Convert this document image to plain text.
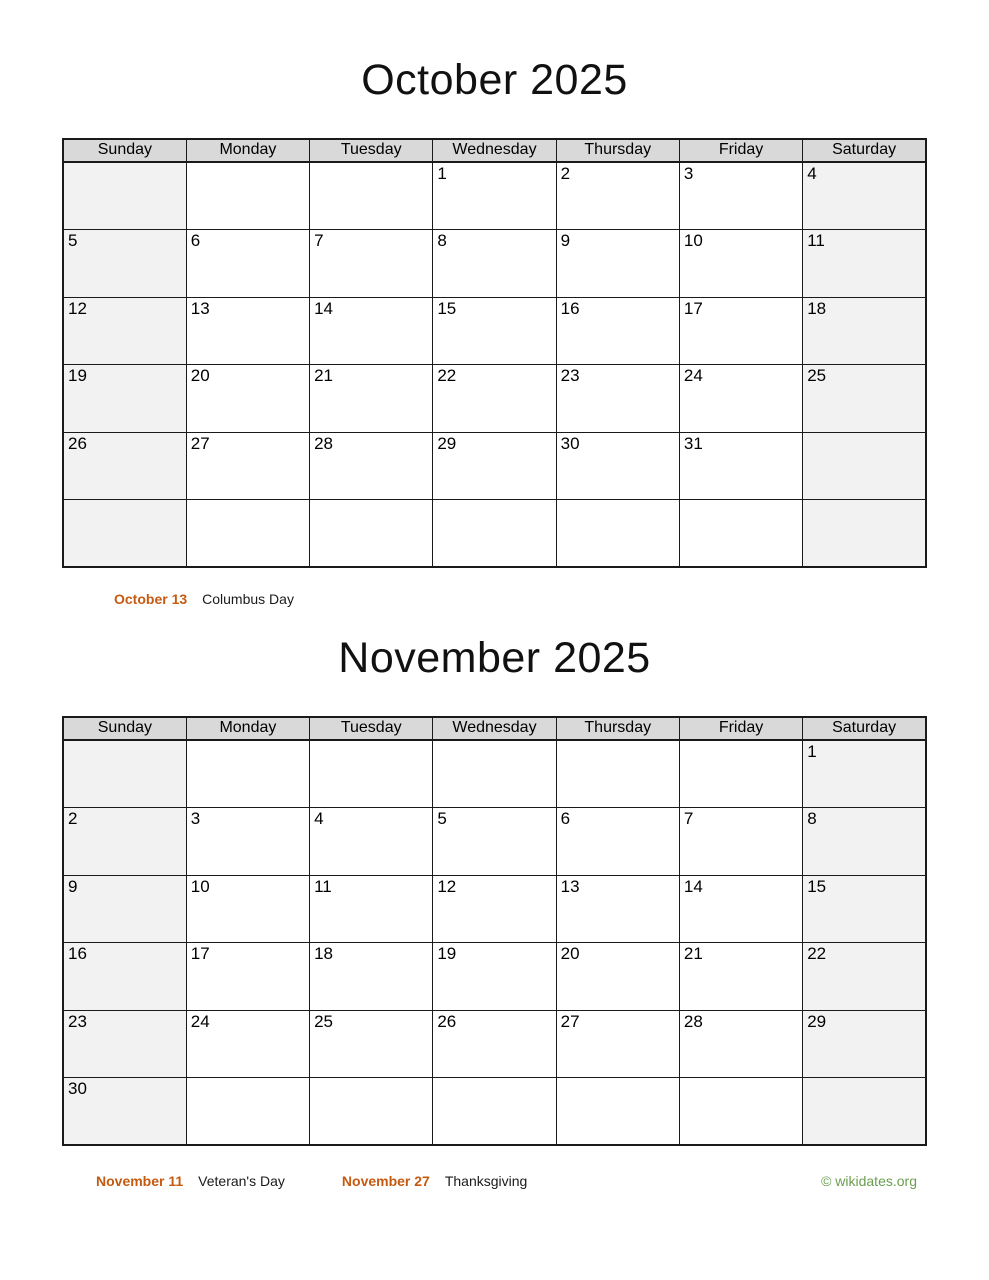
October 2025
Sunday	Monday	Tuesday	Wednesday	Thursday	Friday	Saturday
			1	2	3	4
5	6	7	8	9	10	11
12	13	14	15	16	17	18
19	20	21	22	23	24	25
26	27	28	29	30	31	

October 13 Columbus Day
November 2025
Sunday	Monday	Tuesday	Wednesday	Thursday	Friday	Saturday
						1
2	3	4	5	6	7	8
9	10	11	12	13	14	15
16	17	18	19	20	21	22
23	24	25	26	27	28	29
30						
November 11 Veteran's Day	November 27 Thanksgiving	© wikidates.org
